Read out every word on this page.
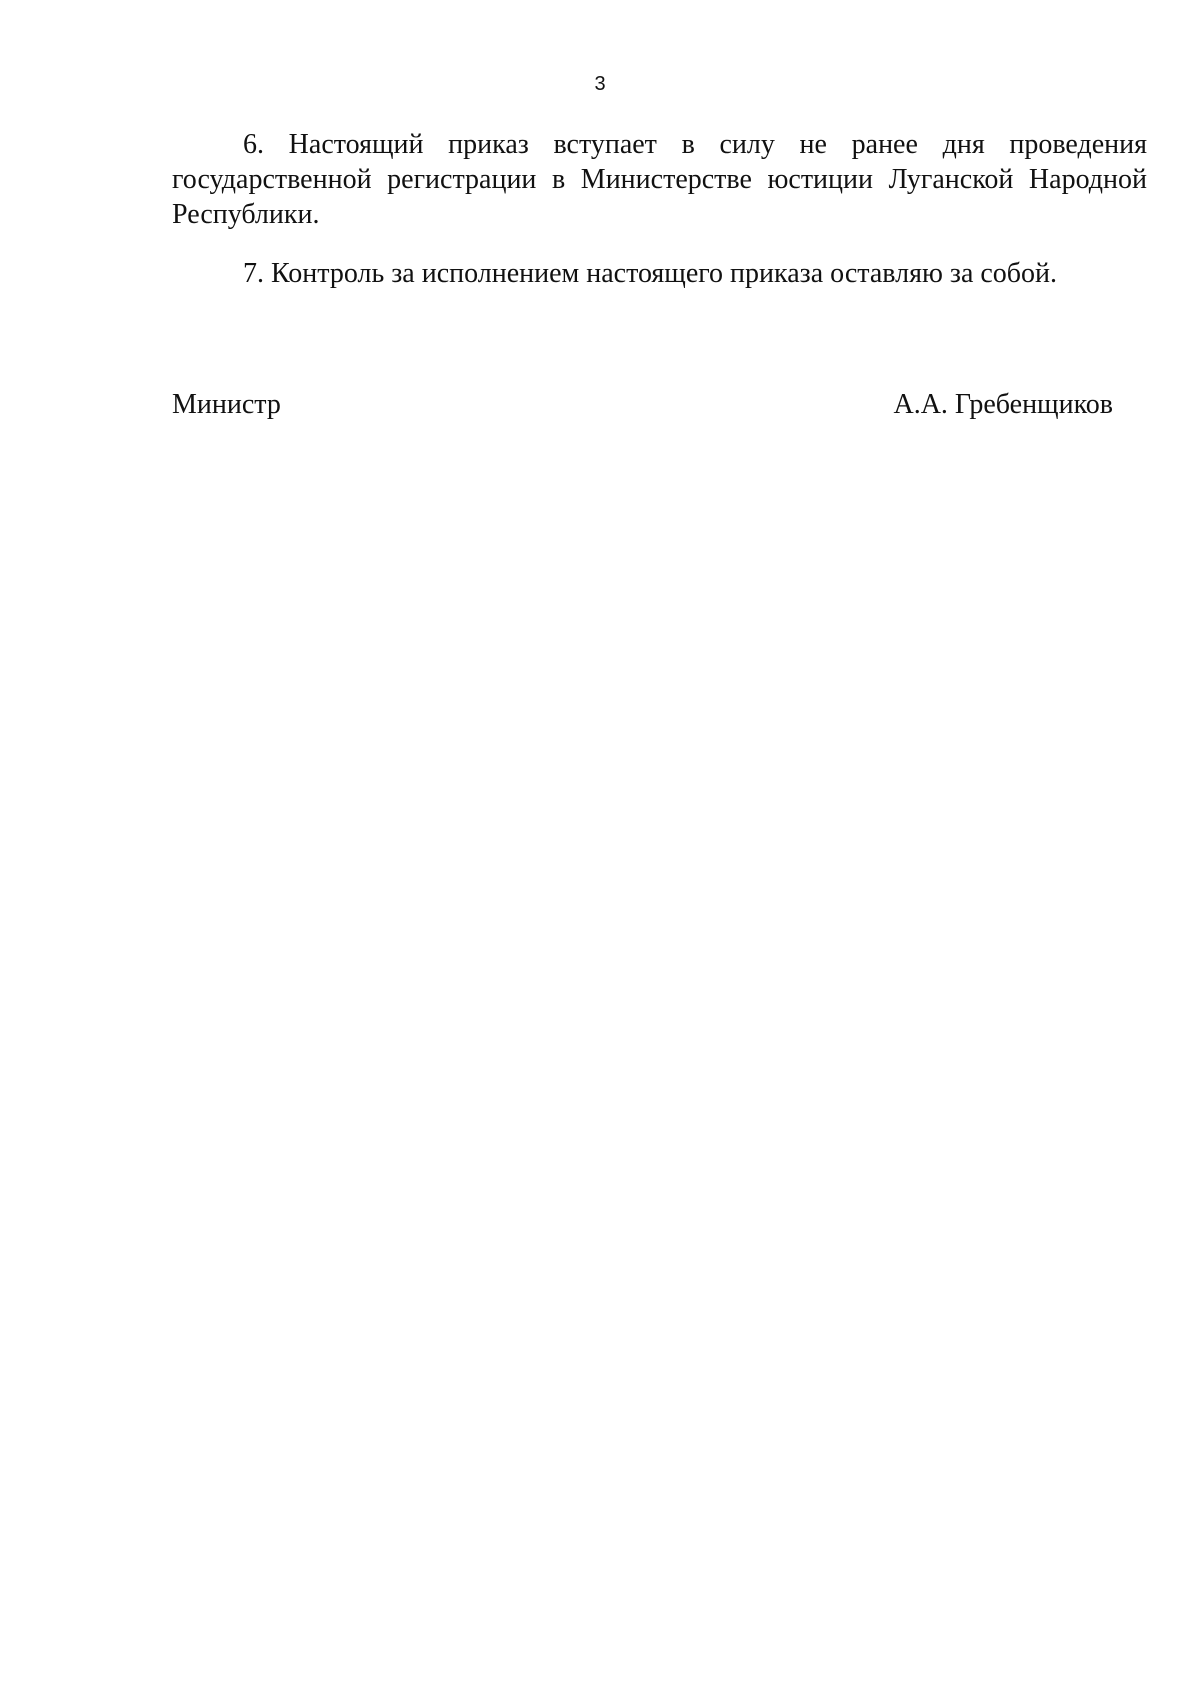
3

6. Настоящий приказ вступает в силу не ранее дня проведения государственной регистрации в Министерстве юстиции Луганской Народной Республики.

7. Контроль за исполнением настоящего приказа оставляю за собой.

Министр	А.А. Гребенщиков
